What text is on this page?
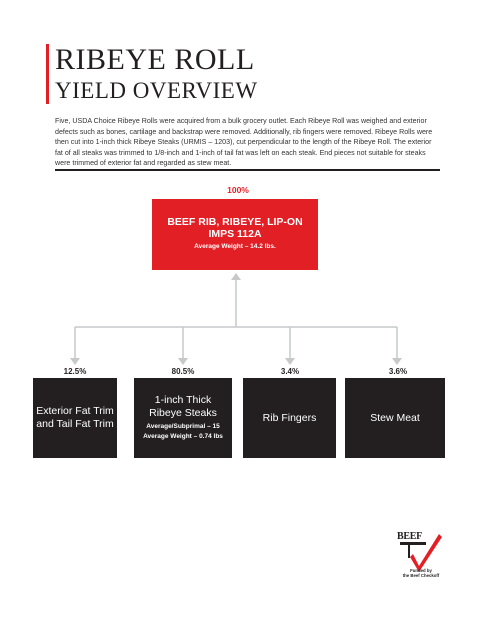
RIBEYE ROLL
YIELD OVERVIEW
Five, USDA Choice Ribeye Rolls were acquired from a bulk grocery outlet. Each Ribeye Roll was weighed and exterior defects such as bones, cartilage and backstrap were removed. Additionally, rib fingers were removed. Ribeye Rolls were then cut into 1-inch thick Ribeye Steaks (URMIS – 1203), cut perpendicular to the length of the Ribeye Roll. The exterior fat of all steaks was trimmed to 1/8-inch and 1-inch of tail fat was left on each steak. End pieces not suitable for steaks were trimmed of exterior fat and regarded as stew meat.
100%
BEEF RIB, RIBEYE, LIP-ON
IMPS 112A
Average Weight – 14.2 lbs.
12.5%
Exterior Fat Trim
and Tail Fat Trim
80.5%
1-inch Thick
Ribeye Steaks
Average/Subprimal – 15
Average Weight – 0.74 lbs
3.4%
Rib Fingers
3.6%
Stew Meat
BEEF
Funded by
the Beef Checkoff
